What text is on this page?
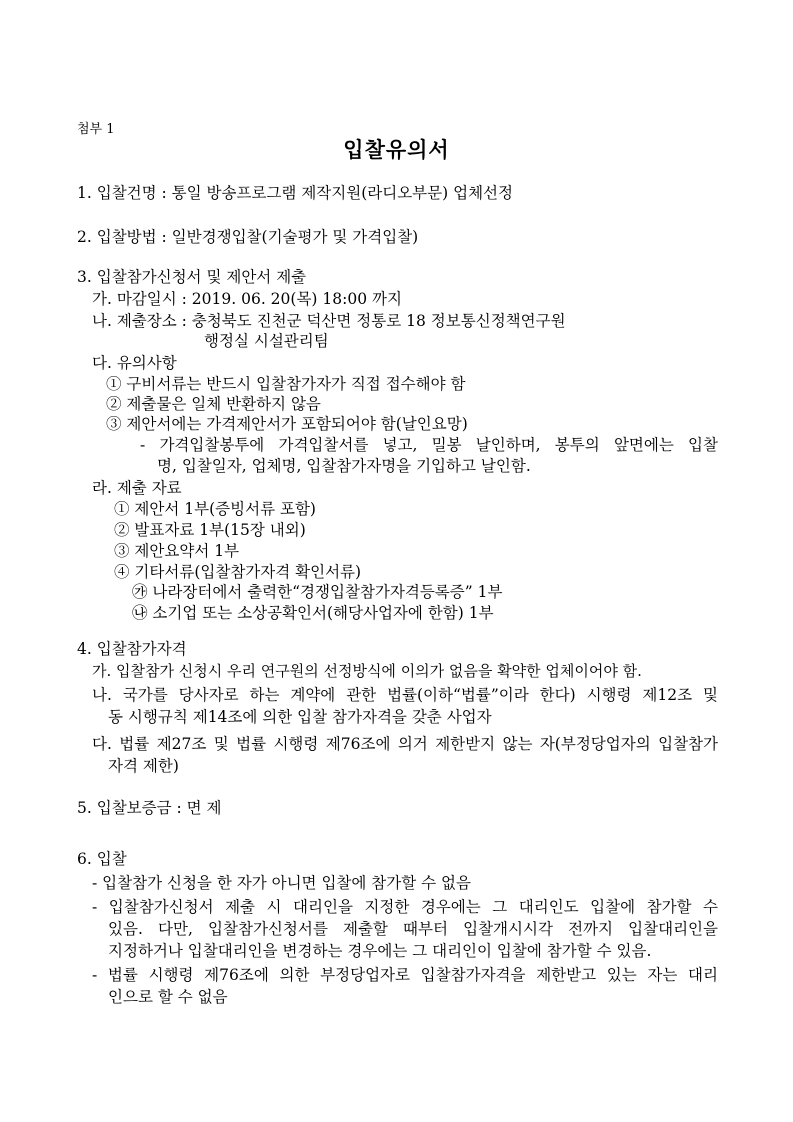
첨부 1
입찰유의서
1. 입찰건명 : 통일 방송프로그램 제작지원(라디오부문) 업체선정
2. 입찰방법 : 일반경쟁입찰(기술평가 및 가격입찰)
3. 입찰참가신청서 및 제안서 제출
가. 마감일시 : 2019. 06. 20(목) 18:00 까지
나. 제출장소 : 충청북도 진천군 덕산면 정통로 18 정보통신정책연구원
행정실 시설관리팀
다. 유의사항
① 구비서류는 반드시 입찰참가자가 직접 접수해야 함
② 제출물은 일체 반환하지 않음
③ 제안서에는 가격제안서가 포함되어야 함(날인요망)
- 가격입찰봉투에 가격입찰서를 넣고, 밀봉 날인하며, 봉투의 앞면에는 입찰
명, 입찰일자, 업체명, 입찰참가자명을 기입하고 날인함.
라. 제출 자료
① 제안서 1부(증빙서류 포함)
② 발표자료 1부(15장 내외)
③ 제안요약서 1부
④ 기타서류(입찰참가자격 확인서류)
㉮ 나라장터에서 출력한“경쟁입찰참가자격등록증” 1부
㉯ 소기업 또는 소상공확인서(해당사업자에 한함) 1부
4. 입찰참가자격
가. 입찰참가 신청시 우리 연구원의 선정방식에 이의가 없음을 확약한 업체이어야 함.
나. 국가를 당사자로 하는 계약에 관한 법률(이하“법률”이라 한다) 시행령 제12조 및
동 시행규칙 제14조에 의한 입찰 참가자격을 갖춘 사업자
다. 법률 제27조 및 법률 시행령 제76조에 의거 제한받지 않는 자(부정당업자의 입찰참가
자격 제한)
5. 입찰보증금 : 면 제
6. 입찰
- 입찰참가 신청을 한 자가 아니면 입찰에 참가할 수 없음
- 입찰참가신청서 제출 시 대리인을 지정한 경우에는 그 대리인도 입찰에 참가할 수
있음. 다만, 입찰참가신청서를 제출할 때부터 입찰개시시각 전까지 입찰대리인을
지정하거나 입찰대리인을 변경하는 경우에는 그 대리인이 입찰에 참가할 수 있음.
- 법률 시행령 제76조에 의한 부정당업자로 입찰참가자격을 제한받고 있는 자는 대리
인으로 할 수 없음
